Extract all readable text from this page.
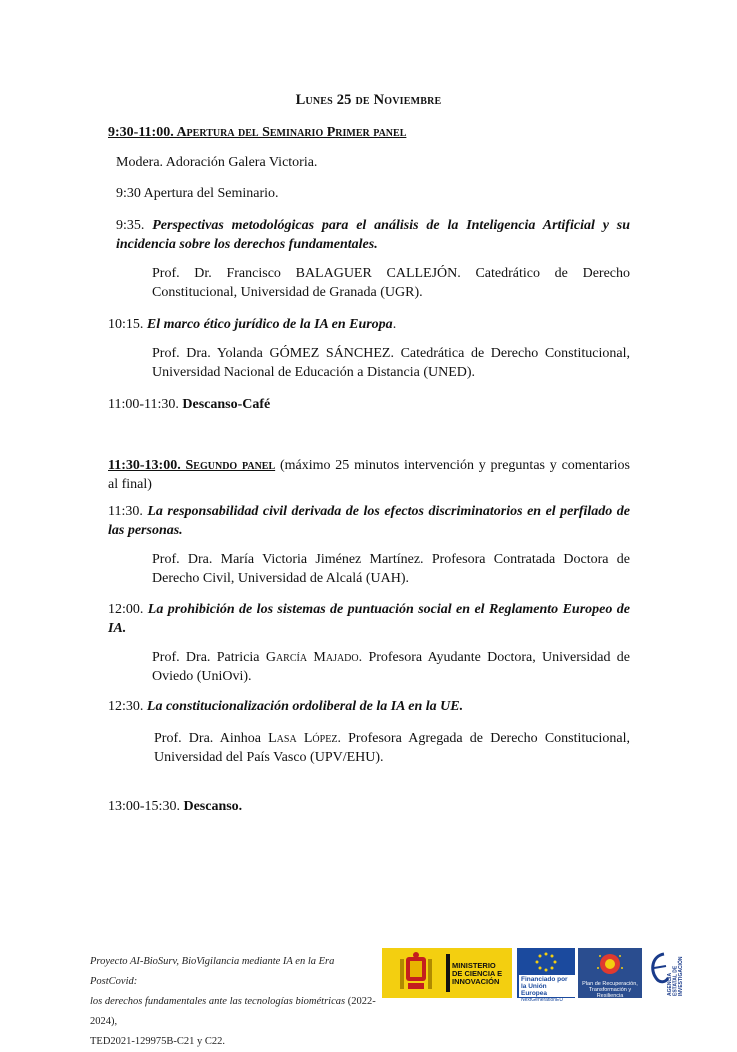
Lunes 25 de Noviembre
9:30-11:00. Apertura del Seminario Primer panel
Modera. Adoración Galera Victoria.
9:30 Apertura del Seminario.
9:35. Perspectivas metodológicas para el análisis de la Inteligencia Artificial y su incidencia sobre los derechos fundamentales.
Prof. Dr. Francisco BALAGUER CALLEJÓN. Catedrático de Derecho Constitucional, Universidad de Granada (UGR).
10:15. El marco ético jurídico de la IA en Europa.
Prof. Dra. Yolanda GÓMEZ SÁNCHEZ. Catedrática de Derecho Constitucional, Universidad Nacional de Educación a Distancia (UNED).
11:00-11:30. Descanso-Café
11:30-13:00. Segundo panel (máximo 25 minutos intervención y preguntas y comentarios al final)
11:30. La responsabilidad civil derivada de los efectos discriminatorios en el perfilado de las personas.
Prof. Dra. María Victoria Jiménez Martínez. Profesora Contratada Doctora de Derecho Civil, Universidad de Alcalá (UAH).
12:00. La prohibición de los sistemas de puntuación social en el Reglamento Europeo de IA.
Prof. Dra. Patricia García Majado. Profesora Ayudante Doctora, Universidad de Oviedo (UniOvi).
12:30. La constitucionalización ordoliberal de la IA en la UE.
Prof. Dra. Ainhoa Lasa López. Profesora Agregada de Derecho Constitucional, Universidad del País Vasco (UPV/EHU).
13:00-15:30. Descanso.
Proyecto AI-BioSurv, BioVigilancia mediante IA en la Era PostCovid:
los derechos fundamentales ante las tecnologías biométricas (2022-2024),
TED2021-129975B-C21 y C22.
MINISTERIO DE CIENCIA E INNOVACIÓN	Financiado por
la Unión Europea
NextGenerationEU
Plan de Recuperación, Transformación y Resiliencia	AGENCIA ESTATAL DE INVESTIGACIÓN
